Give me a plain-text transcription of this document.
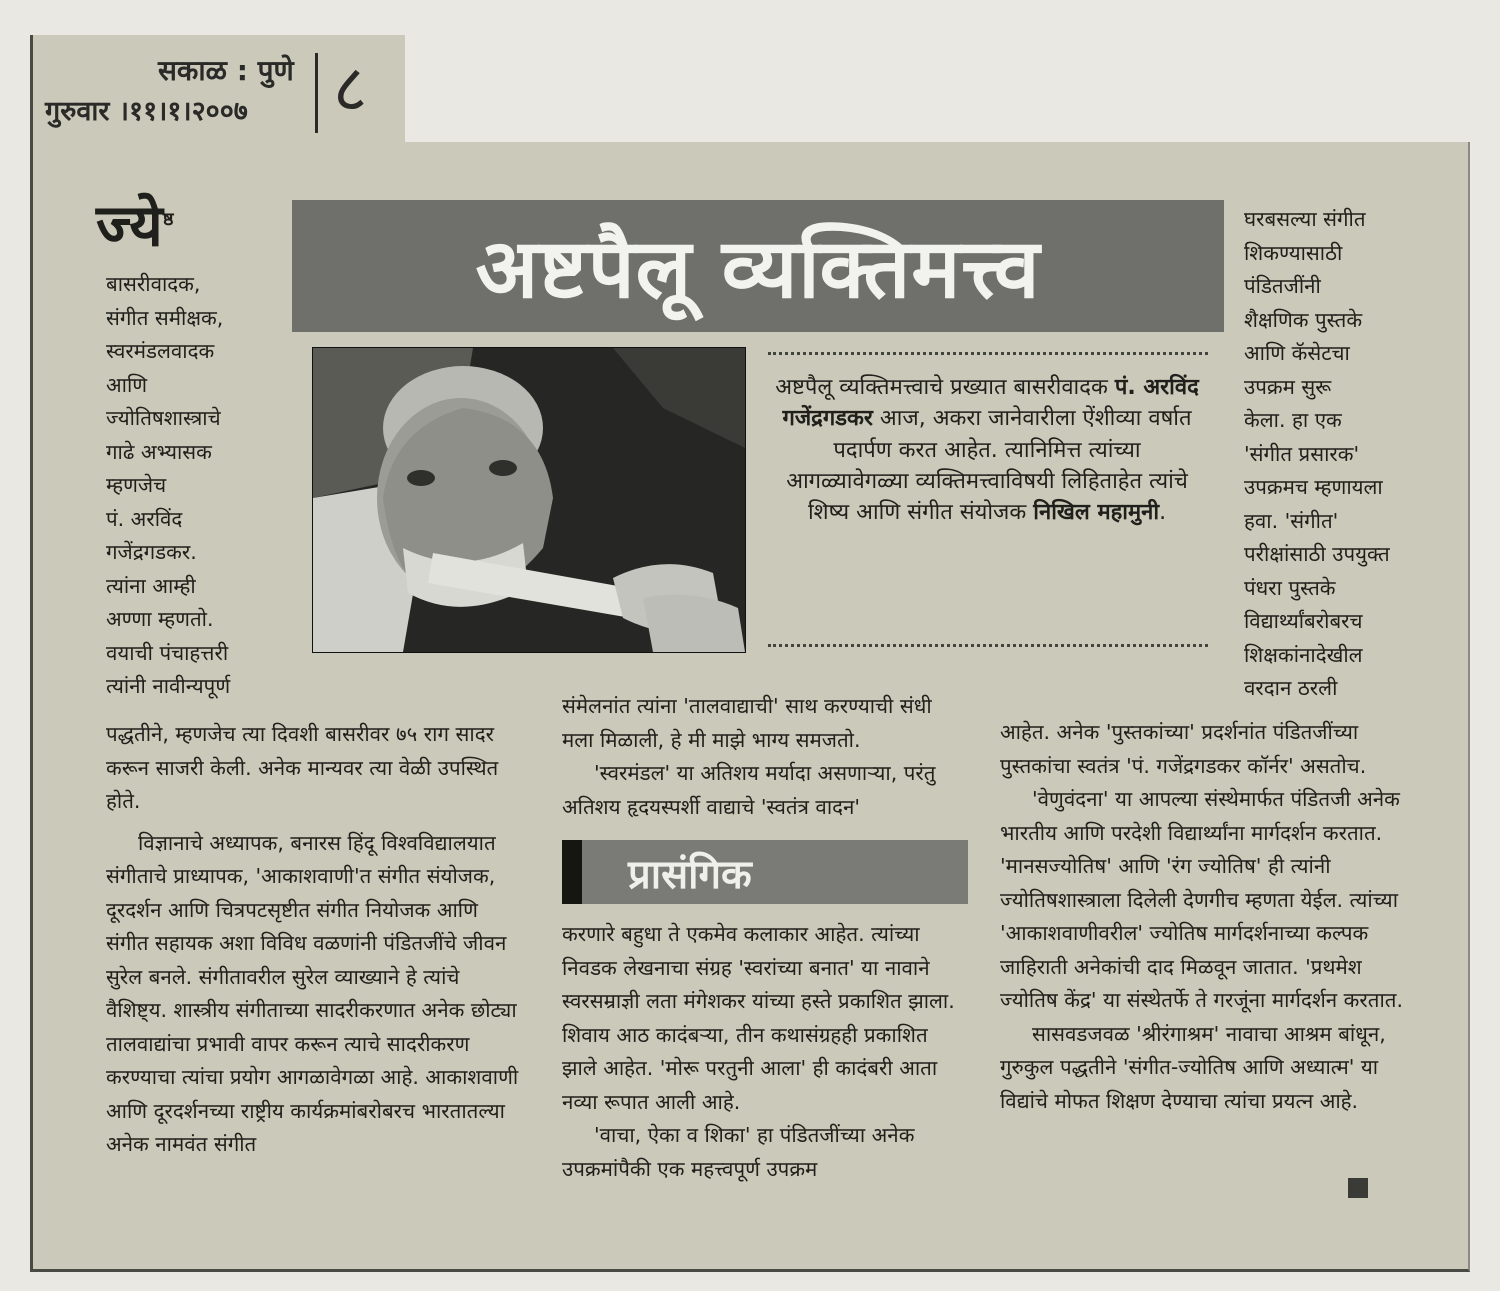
सकाळ : पुणे
गुरुवार ।११।१।२००७ ८
ज्ये$^{ष्ठ}$
अष्टपैलू व्यक्तिमत्त्व
अष्टपैलू व्यक्तिमत्त्वाचे प्रख्यात बासरीवादक पं. अरविंद गजेंद्रगडकर आज, अकरा जानेवारीला ऐंशीव्या वर्षात पदार्पण करत आहेत. त्यानिमित्त त्यांच्या आगळ्यावेगळ्या व्यक्तिमत्त्वाविषयी लिहिताहेत त्यांचे शिष्य आणि संगीत संयोजक निखिल महामुनी.
बासरीवादक,
संगीत समीक्षक,
स्वरमंडलवादक
आणि
ज्योतिषशास्त्राचे
गाढे अभ्यासक
म्हणजेच
पं. अरविंद
गजेंद्रगडकर.
त्यांना आम्ही
अण्णा म्हणतो.
वयाची पंचाहत्तरी
त्यांनी नावीन्यपूर्ण

पद्धतीने, म्हणजेच त्या दिवशी बासरीवर ७५ राग सादर करून साजरी केली. अनेक मान्यवर त्या वेळी उपस्थित होते.

विज्ञानाचे अध्यापक, बनारस हिंदू विश्वविद्यालयात संगीताचे प्राध्यापक, 'आकाशवाणी'त संगीत संयोजक, दूरदर्शन आणि चित्रपटसृष्टीत संगीत नियोजक आणि संगीत सहायक अशा विविध वळणांनी पंडितजींचे जीवन सुरेल बनले. संगीतावरील सुरेल व्याख्याने हे त्यांचे वैशिष्ट्य. शास्त्रीय संगीताच्या सादरीकरणात अनेक छोट्या तालवाद्यांचा प्रभावी वापर करून त्याचे सादरीकरण करण्याचा त्यांचा प्रयोग आगळावेगळा आहे. आकाशवाणी आणि दूरदर्शनच्या राष्ट्रीय कार्यक्रमांबरोबरच भारतातल्या अनेक नामवंत संगीत

संमेलनांत त्यांना 'तालवाद्याची' साथ करण्याची संधी मला मिळाली, हे मी माझे भाग्य समजतो.

'स्वरमंडल' या अतिशय मर्यादा असणाऱ्या, परंतु अतिशय हृदयस्पर्शी वाद्याचे 'स्वतंत्र वादन'

प्रासंगिक

करणारे बहुधा ते एकमेव कलाकार आहेत. त्यांच्या निवडक लेखनाचा संग्रह 'स्वरांच्या बनात' या नावाने स्वरसम्राज्ञी लता मंगेशकर यांच्या हस्ते प्रकाशित झाला. शिवाय आठ कादंबऱ्या, तीन कथासंग्रहही प्रकाशित झाले आहेत. 'मोरू परतुनी आला' ही कादंबरी आता नव्या रूपात आली आहे.

'वाचा, ऐका व शिका' हा पंडितजींच्या अनेक उपक्रमांपैकी एक महत्त्वपूर्ण उपक्रम

घरबसल्या संगीत
शिकण्यासाठी
पंडितजींनी
शैक्षणिक पुस्तके
आणि कॅसेटचा
उपक्रम सुरू
केला. हा एक
'संगीत प्रसारक'
उपक्रमच म्हणायला
हवा. 'संगीत'
परीक्षांसाठी उपयुक्त
पंधरा पुस्तके
विद्यार्थ्यांबरोबरच
शिक्षकांनादेखील
वरदान ठरली

आहेत. अनेक 'पुस्तकांच्या' प्रदर्शनांत पंडितजींच्या पुस्तकांचा स्वतंत्र 'पं. गजेंद्रगडकर कॉर्नर' असतोच.

'वेणुवंदना' या आपल्या संस्थेमार्फत पंडितजी अनेक भारतीय आणि परदेशी विद्यार्थ्यांना मार्गदर्शन करतात. 'मानसज्योतिष' आणि 'रंग ज्योतिष' ही त्यांनी ज्योतिषशास्त्राला दिलेली देणगीच म्हणता येईल. त्यांच्या 'आकाशवाणीवरील' ज्योतिष मार्गदर्शनाच्या कल्पक जाहिराती अनेकांची दाद मिळवून जातात. 'प्रथमेश ज्योतिष केंद्र' या संस्थेतर्फे ते गरजूंना मार्गदर्शन करतात.

सासवडजवळ 'श्रीरंगाश्रम' नावाचा आश्रम बांधून, गुरुकुल पद्धतीने 'संगीत-ज्योतिष आणि अध्यात्म' या विद्यांचे मोफत शिक्षण देण्याचा त्यांचा प्रयत्न आहे.
